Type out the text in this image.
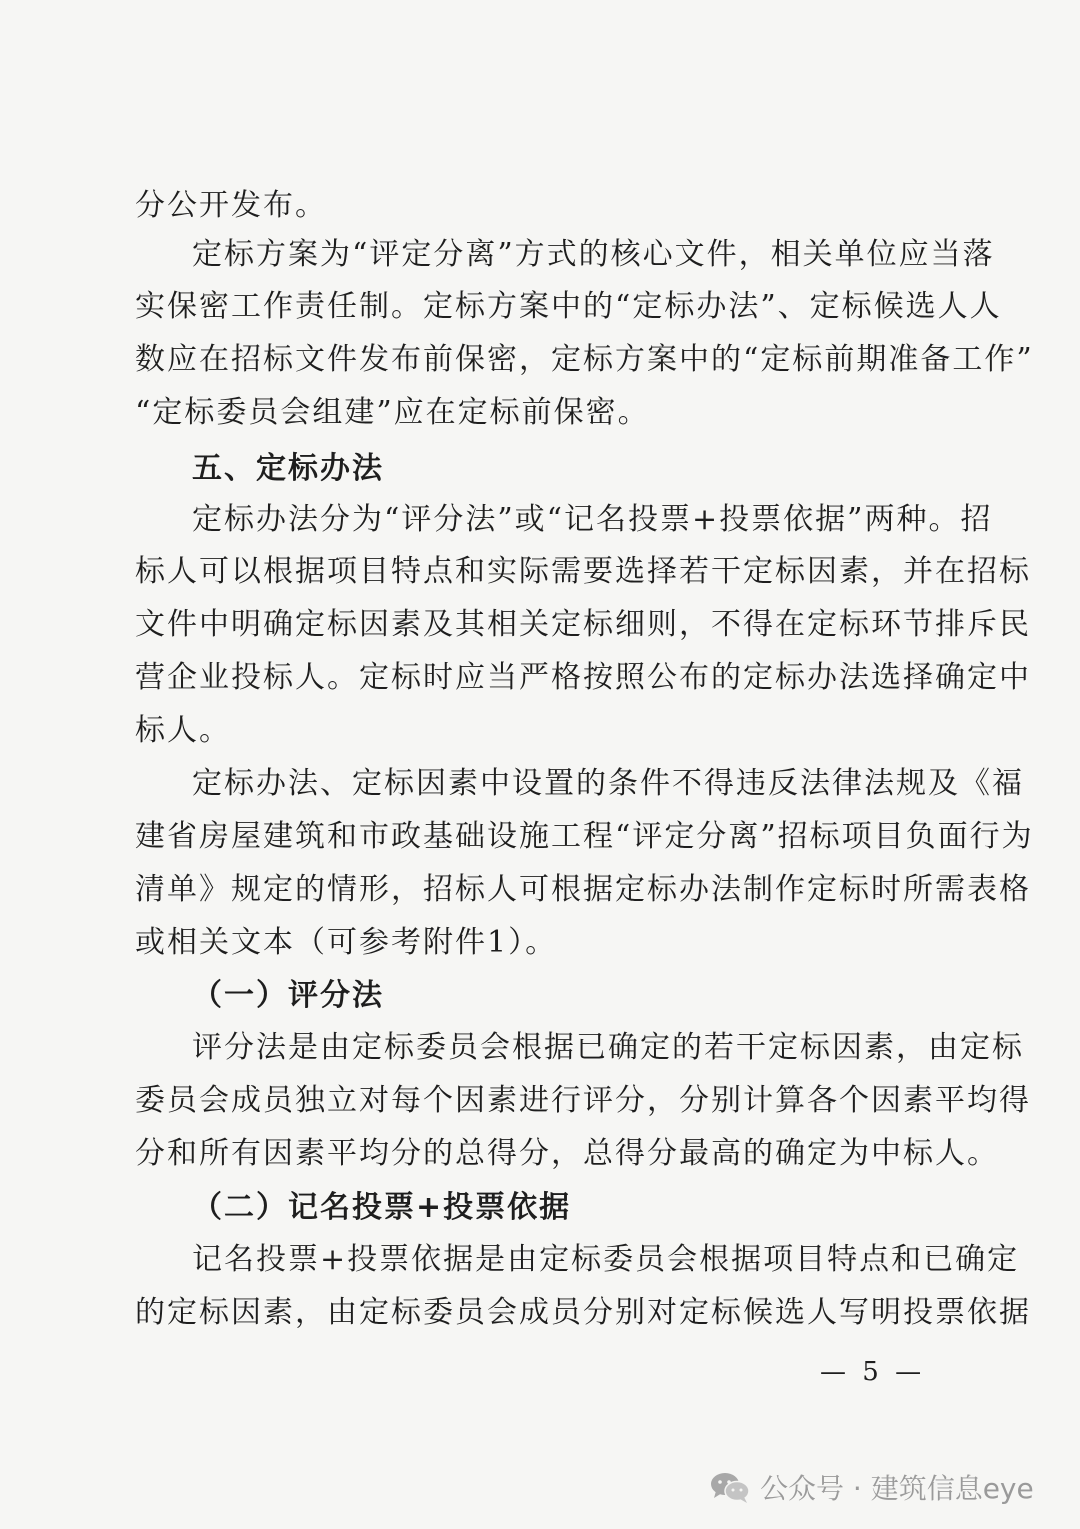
分公开发布。
定标方案为“评定分离”方式的核心文件，相关单位应当落
实保密工作责任制。定标方案中的“定标办法”、定标候选人人
数应在招标文件发布前保密，定标方案中的“定标前期准备工作”
“定标委员会组建”应在定标前保密。
五、定标办法
定标办法分为“评分法”或“记名投票+投票依据”两种。招
标人可以根据项目特点和实际需要选择若干定标因素，并在招标
文件中明确定标因素及其相关定标细则，不得在定标环节排斥民
营企业投标人。定标时应当严格按照公布的定标办法选择确定中
标人。
定标办法、定标因素中设置的条件不得违反法律法规及《福
建省房屋建筑和市政基础设施工程“评定分离”招标项目负面行为
清单》规定的情形，招标人可根据定标办法制作定标时所需表格
或相关文本（可参考附件1）。
（一）评分法
评分法是由定标委员会根据已确定的若干定标因素，由定标
委员会成员独立对每个因素进行评分，分别计算各个因素平均得
分和所有因素平均分的总得分，总得分最高的确定为中标人。
（二）记名投票+投票依据
记名投票+投票依据是由定标委员会根据项目特点和已确定
的定标因素，由定标委员会成员分别对定标候选人写明投票依据
— 5 —
公众号 · 建筑信息eye
